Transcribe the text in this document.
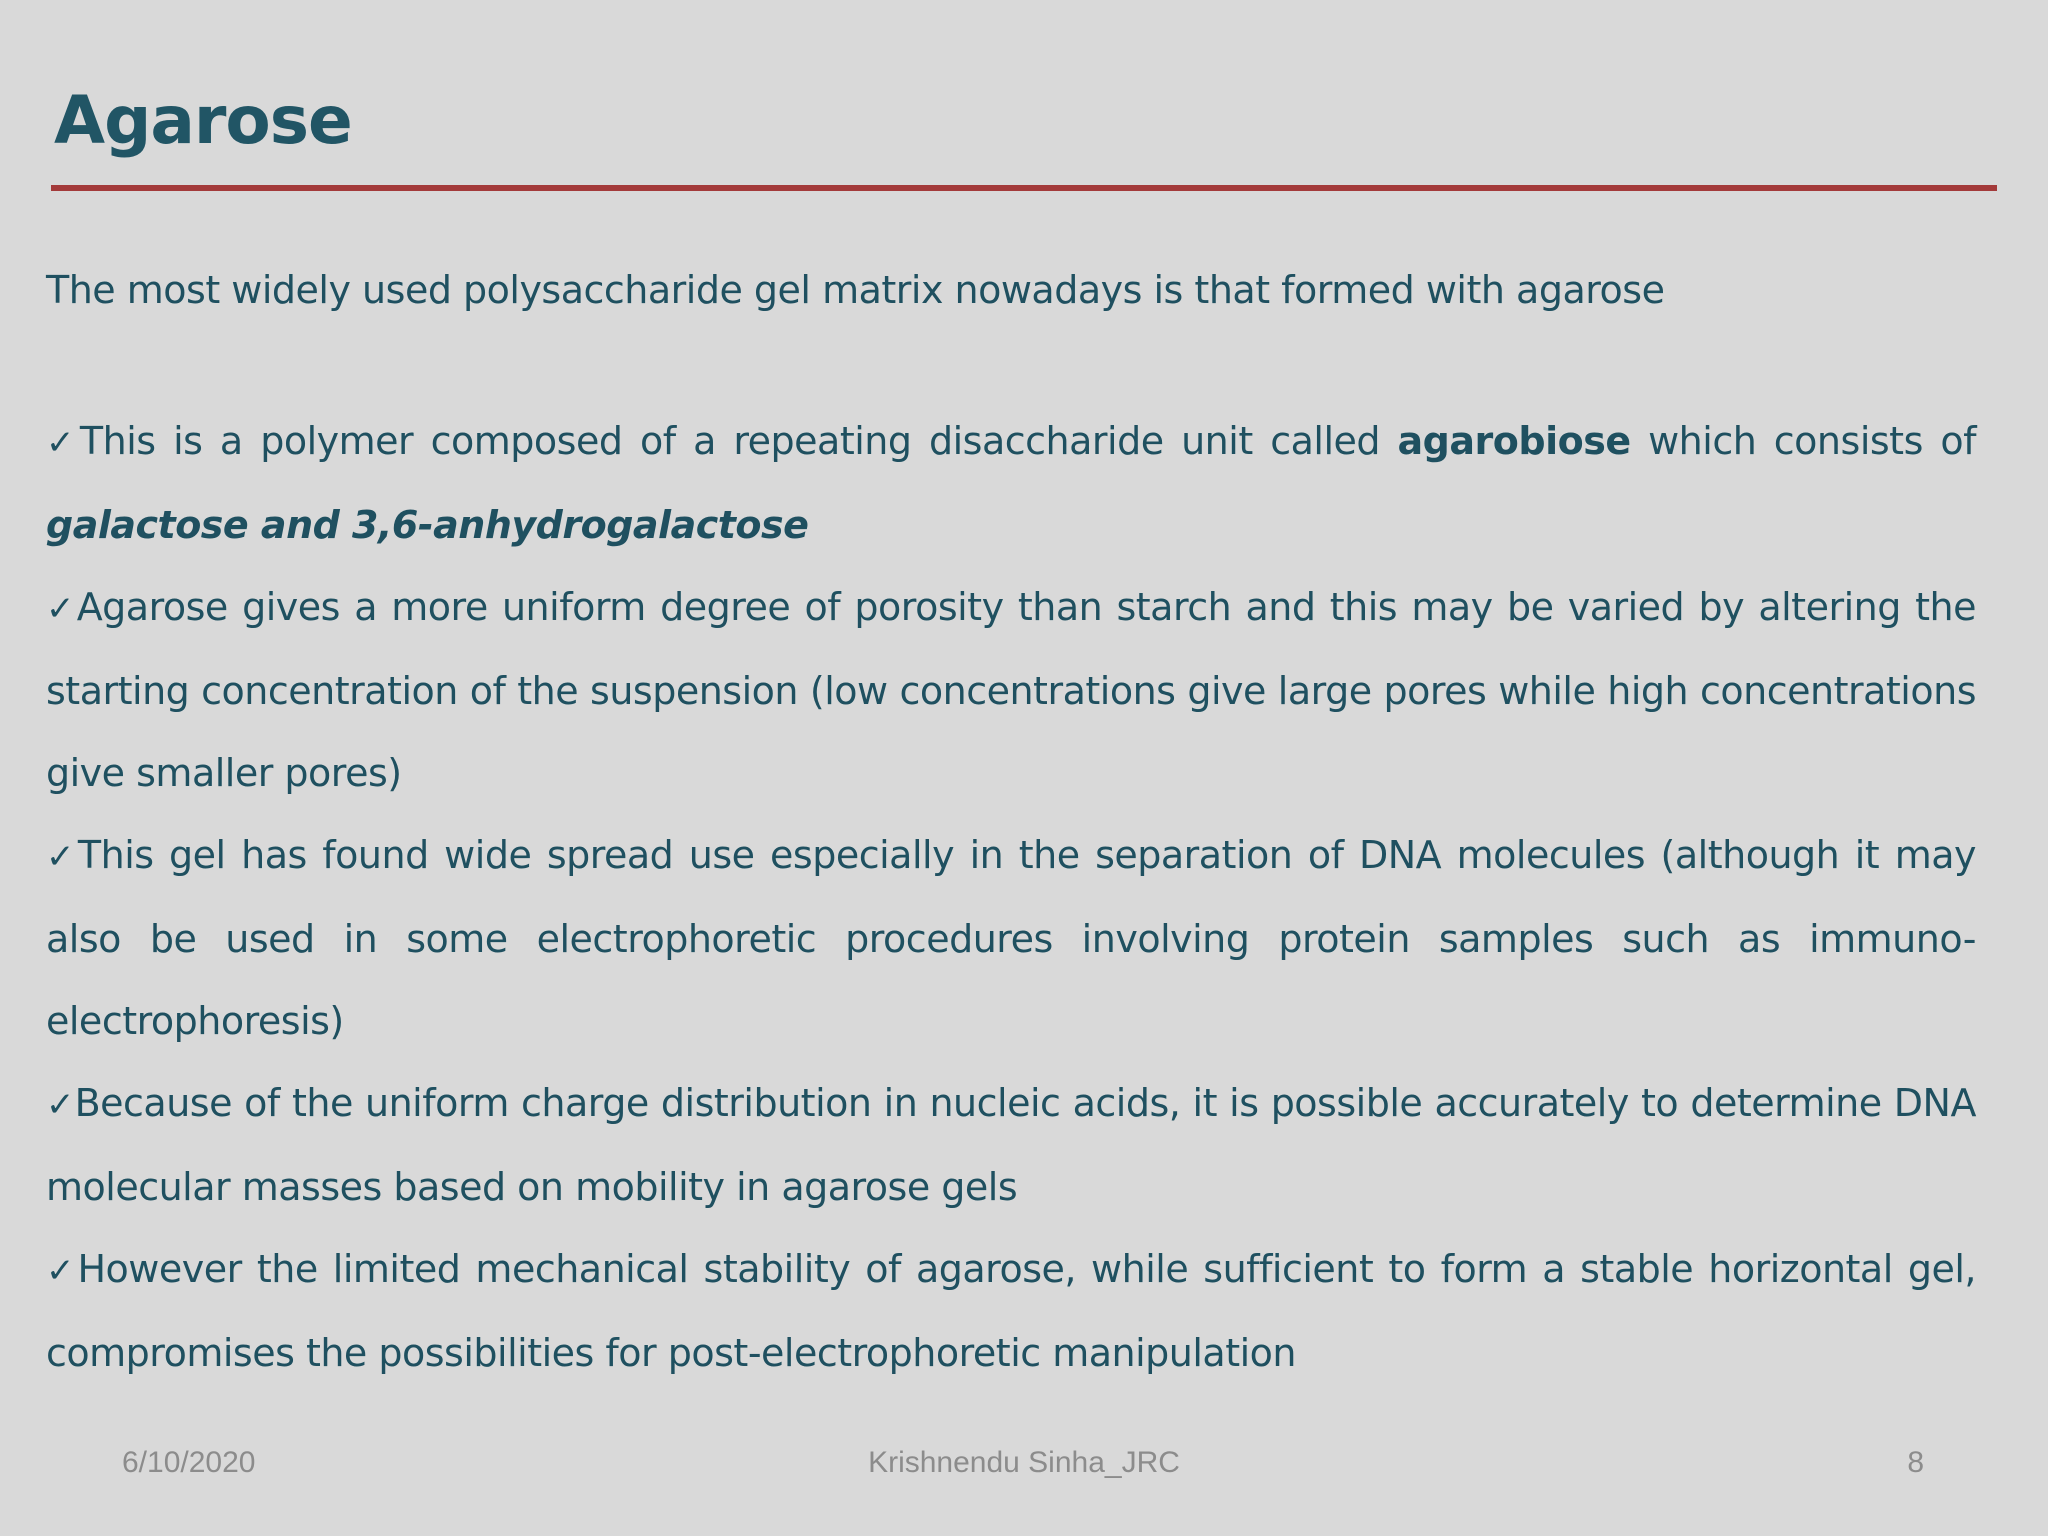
Agarose
The most widely used polysaccharide gel matrix nowadays is that formed with agarose

✓This is a polymer composed of a repeating disaccharide unit called agarobiose which consists of galactose and 3,6-anhydrogalactose

✓Agarose gives a more uniform degree of porosity than starch and this may be varied by altering the starting concentration of the suspension (low concentrations give large pores while high concentrations give smaller pores)

✓This gel has found wide spread use especially in the separation of DNA molecules (although it may also be used in some electrophoretic procedures involving protein samples such as immuno-electrophoresis)

✓Because of the uniform charge distribution in nucleic acids, it is possible accurately to determine DNA molecular masses based on mobility in agarose gels

✓However the limited mechanical stability of agarose, while sufficient to form a stable horizontal gel, compromises the possibilities for post-electrophoretic manipulation

6/10/2020	Krishnendu Sinha_JRC	8
